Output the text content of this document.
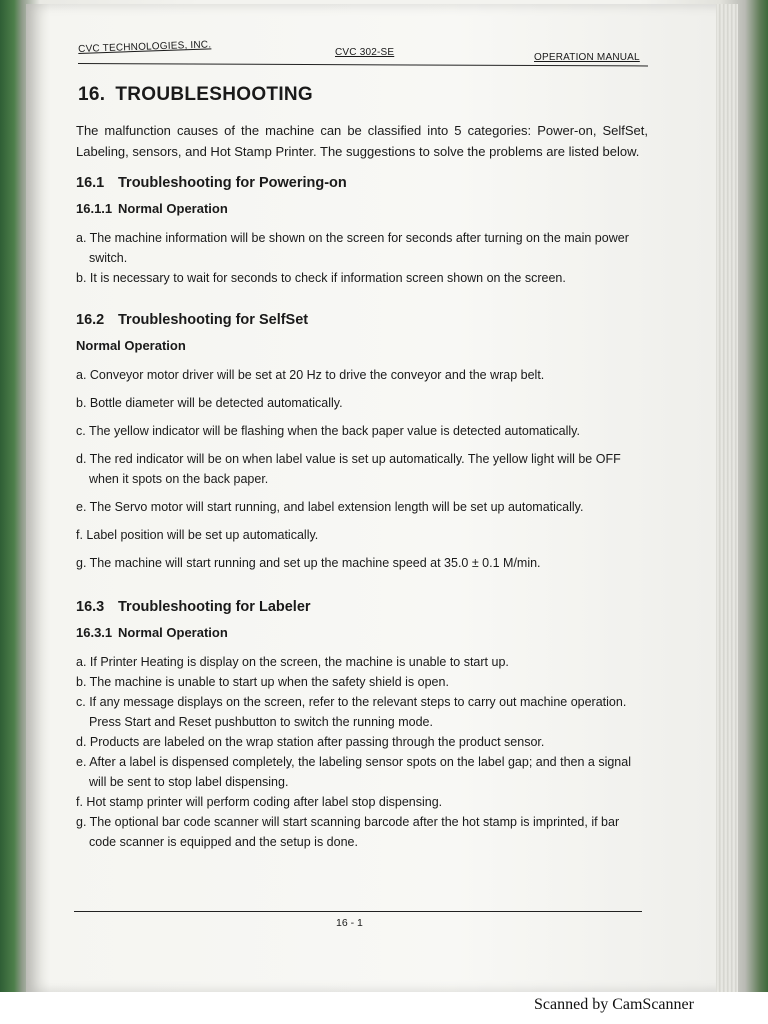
CVC TECHNOLOGIES, INC.	CVC 302-SE	OPERATION MANUAL
16. TROUBLESHOOTING

The malfunction causes of the machine can be classified into 5 categories: Power-on, SelfSet, Labeling, sensors, and Hot Stamp Printer. The suggestions to solve the problems are listed below.

16.1 Troubleshooting for Powering-on
16.1.1 Normal Operation
a. The machine information will be shown on the screen for seconds after turning on the main power switch.
b. It is necessary to wait for seconds to check if information screen shown on the screen.
16.2 Troubleshooting for SelfSet
Normal Operation
a. Conveyor motor driver will be set at 20 Hz to drive the conveyor and the wrap belt.
b. Bottle diameter will be detected automatically.
c. The yellow indicator will be flashing when the back paper value is detected automatically.
d. The red indicator will be on when label value is set up automatically. The yellow light will be OFF when it spots on the back paper.
e. The Servo motor will start running, and label extension length will be set up automatically.
f. Label position will be set up automatically.
g. The machine will start running and set up the machine speed at 35.0 ± 0.1 M/min.
16.3 Troubleshooting for Labeler
16.3.1 Normal Operation
a. If Printer Heating is display on the screen, the machine is unable to start up.
b. The machine is unable to start up when the safety shield is open.
c. If any message displays on the screen, refer to the relevant steps to carry out machine operation. Press Start and Reset pushbutton to switch the running mode.
d. Products are labeled on the wrap station after passing through the product sensor.
e. After a label is dispensed completely, the labeling sensor spots on the label gap; and then a signal will be sent to stop label dispensing.
f. Hot stamp printer will perform coding after label stop dispensing.
g. The optional bar code scanner will start scanning barcode after the hot stamp is imprinted, if bar code scanner is equipped and the setup is done.
16 - 1
Scanned by CamScanner
